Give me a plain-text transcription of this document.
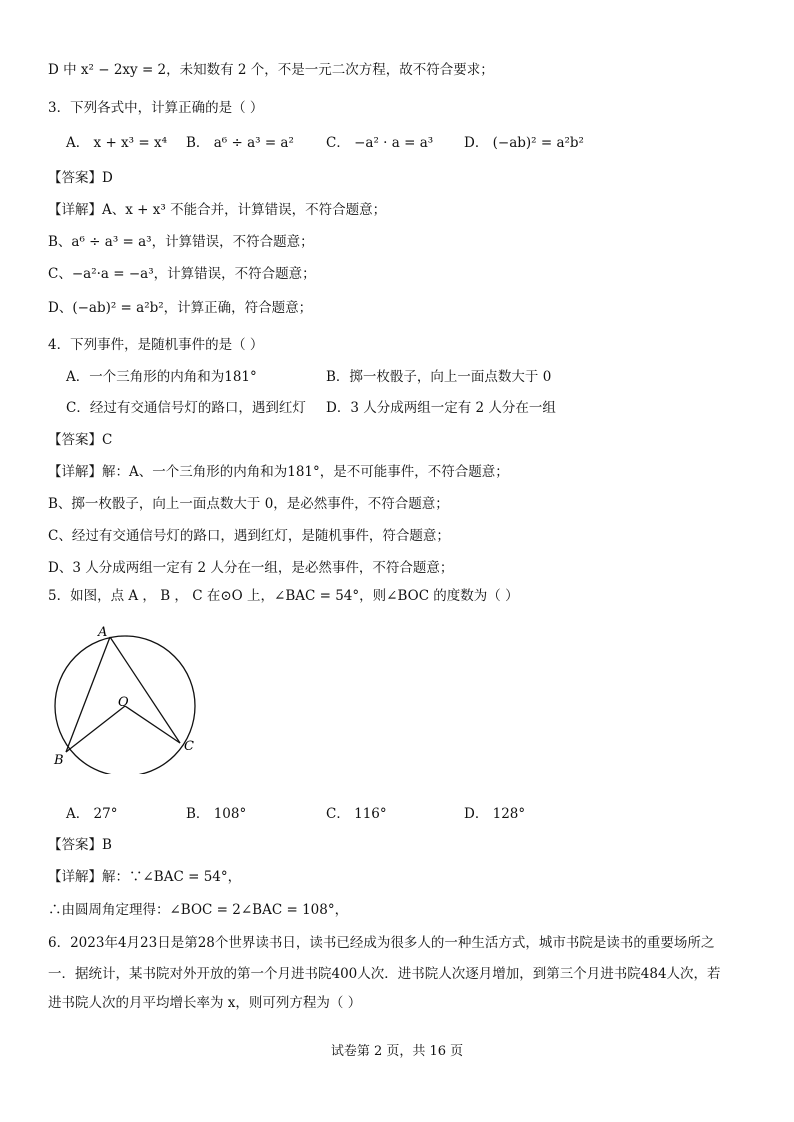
D 中 x² − 2xy = 2，未知数有 2 个，不是一元二次方程，故不符合要求；
3．下列各式中，计算正确的是（ ）
A． x + x³ = x⁴ B． a⁶ ÷ a³ = a² C． −a² · a = a³ D． (−ab)² = a²b²
【答案】D
【详解】A、x + x³ 不能合并，计算错误，不符合题意；
B、a⁶ ÷ a³ = a³，计算错误，不符合题意；
C、−a²·a = −a³，计算错误，不符合题意；
D、(−ab)² = a²b²，计算正确，符合题意；
4．下列事件，是随机事件的是（ ）
A．一个三角形的内角和为181°	B．掷一枚骰子，向上一面点数大于 0
C．经过有交通信号灯的路口，遇到红灯 D．3 人分成两组一定有 2 人分在一组
【答案】C
【详解】解：A、一个三角形的内角和为181°，是不可能事件，不符合题意；
B、掷一枚骰子，向上一面点数大于 0，是必然事件，不符合题意；
C、经过有交通信号灯的路口，遇到红灯，是随机事件，符合题意；
D、3 人分成两组一定有 2 人分在一组，是必然事件，不符合题意；
5．如图，点 A ， B ， C 在⊙O 上，∠BAC = 54°，则∠BOC 的度数为（ ）
A
B
C
O
A． 27°	B． 108°	C． 116°	D． 128°
【答案】B
【详解】解：∵∠BAC = 54°，
∴由圆周角定理得：∠BOC = 2∠BAC = 108°，
6．2023年4月23日是第28个世界读书日，读书已经成为很多人的一种生活方式，城市书院是读书的重要场所之
一．据统计，某书院对外开放的第一个月进书院400人次．进书院人次逐月增加，到第三个月进书院484人次，若
进书院人次的月平均增长率为 x，则可列方程为（ ）
试卷第 2 页，共 16 页
